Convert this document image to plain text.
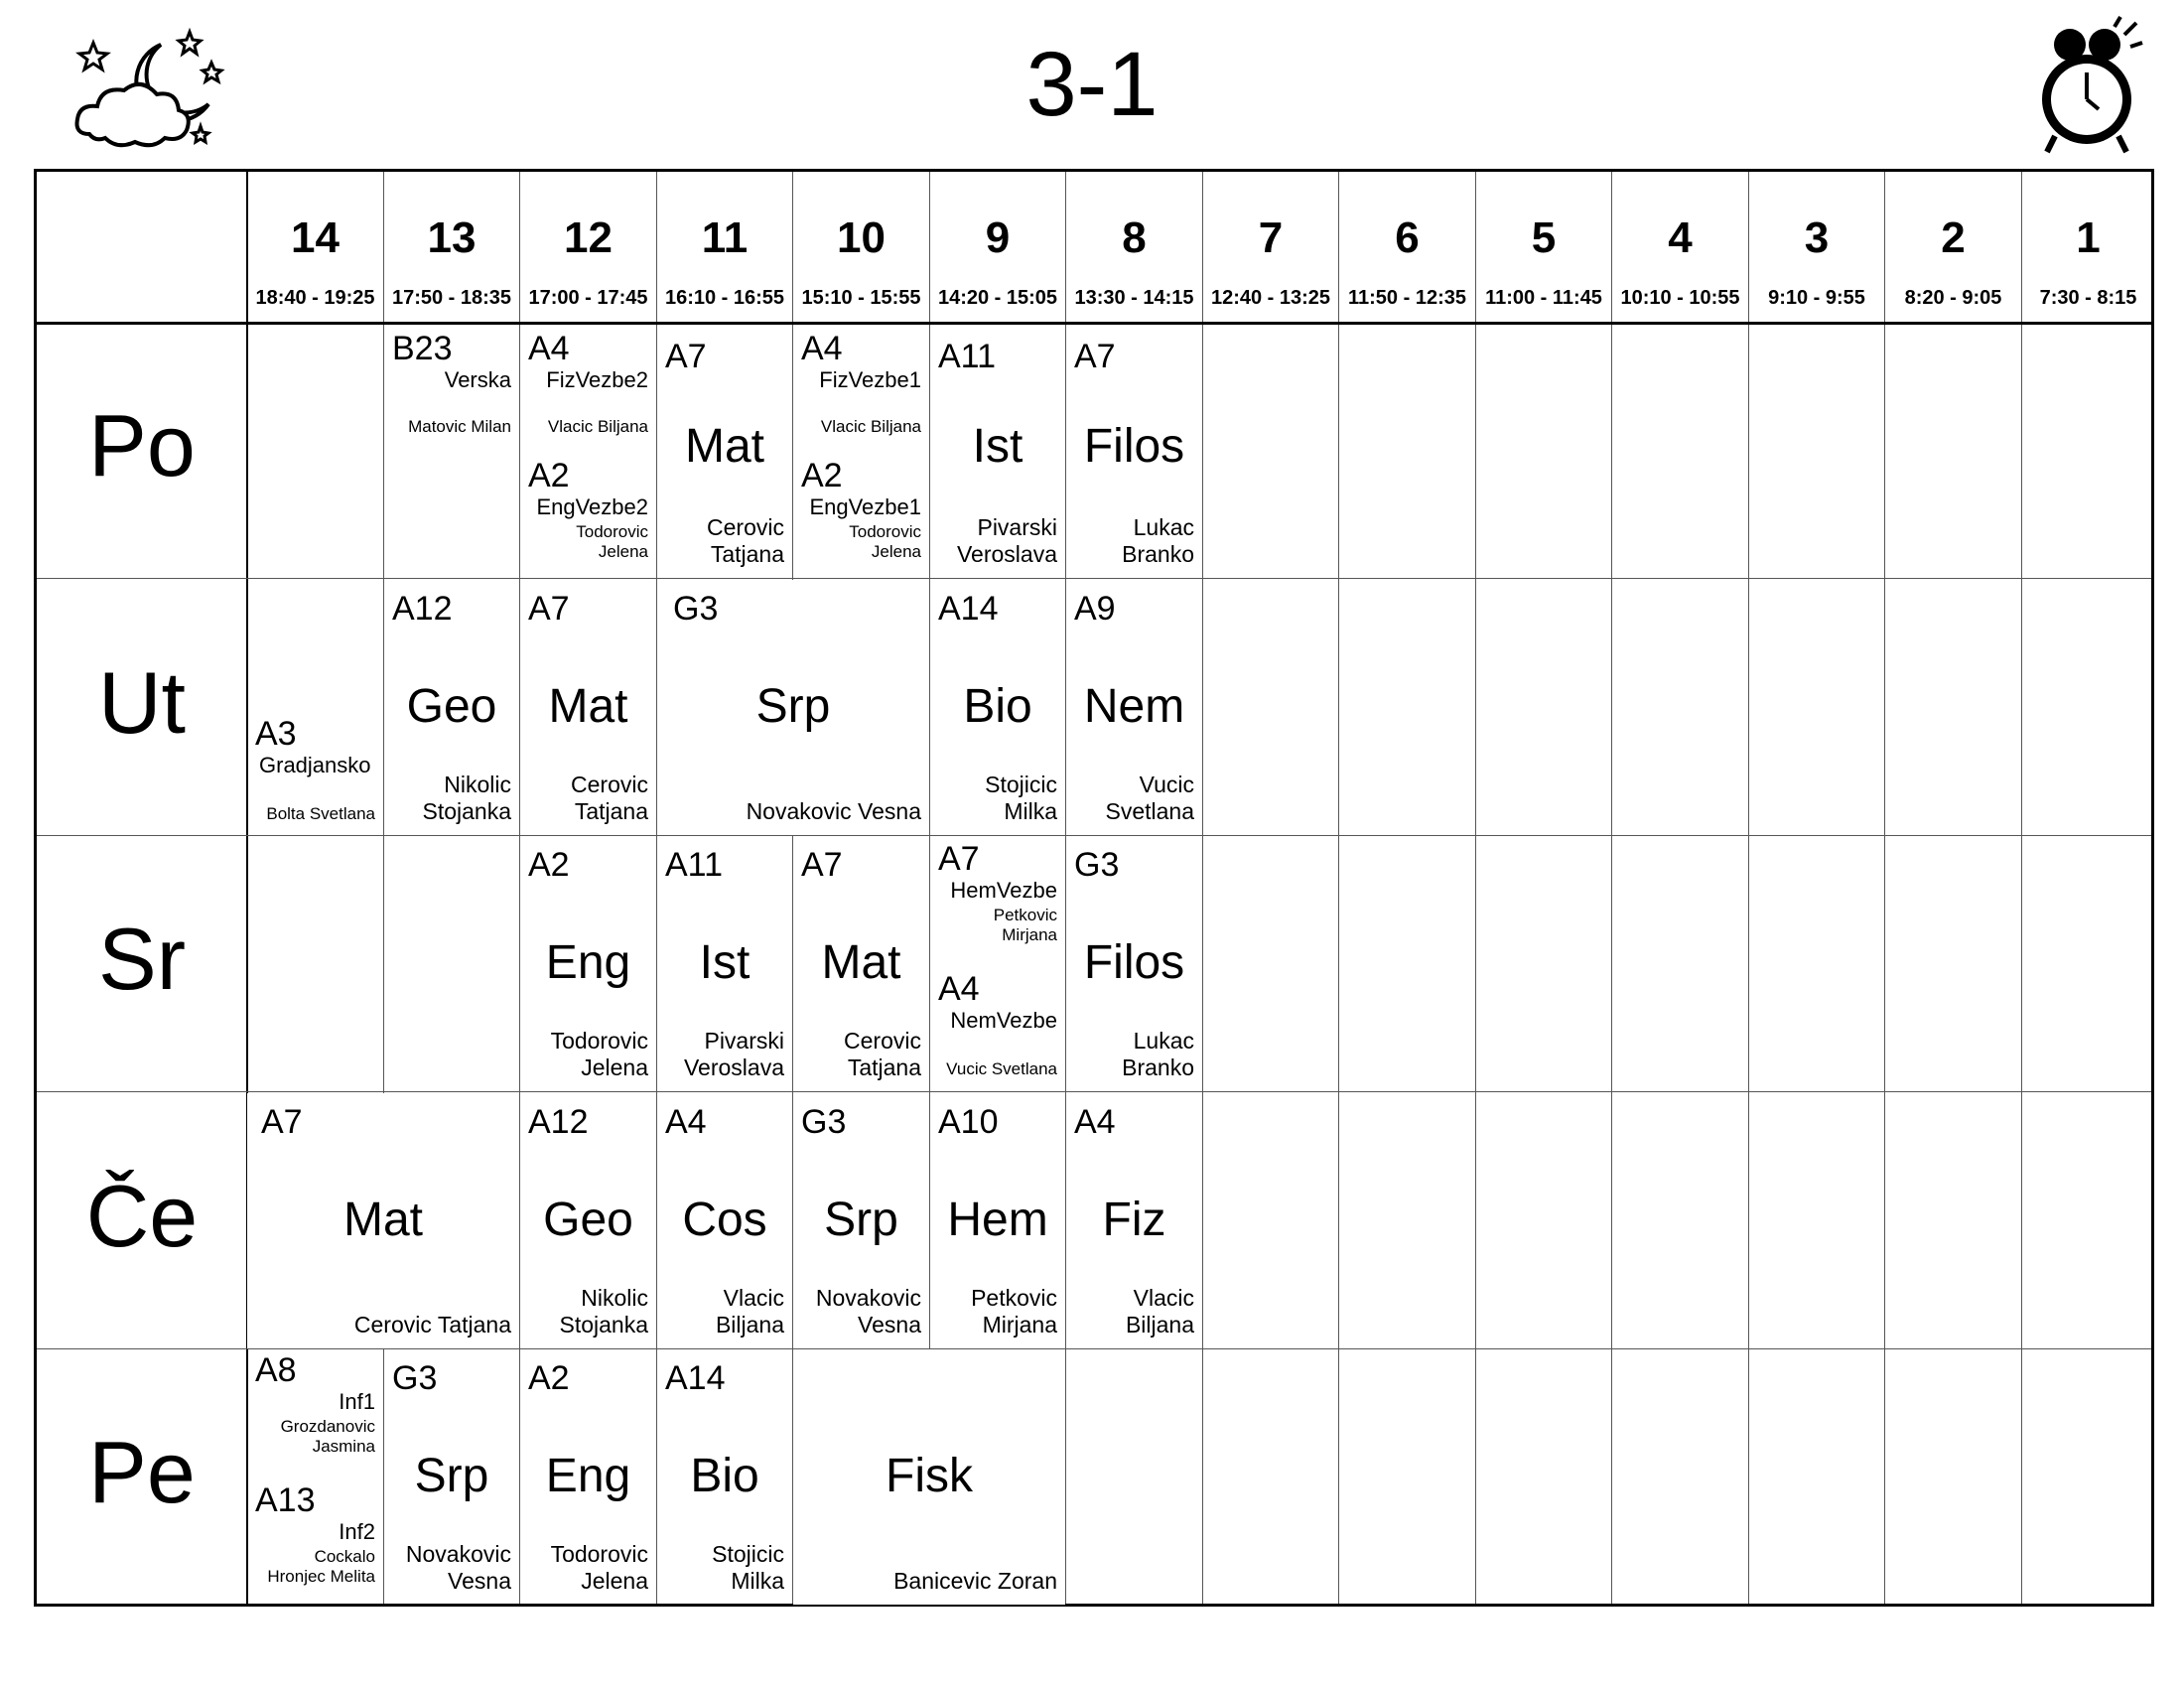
3-1
14
18:40 - 19:25
13
17:50 - 18:35
12
17:00 - 17:45
11
16:10 - 16:55
10
15:10 - 15:55
9
14:20 - 15:05
8
13:30 - 14:15
7
12:40 - 13:25
6
11:50 - 12:35
5
11:00 - 11:45
4
10:10 - 10:55
3
9:10 - 9:55
2
8:20 - 9:05
1
7:30 - 8:15
Po
Ut
Sr
Če
Pe
B23
Verska
Matovic Milan
A4
FizVezbe2
Vlacic Biljana
A2
EngVezbe2
Todorovic
Jelena
A7
Mat
Cerovic
Tatjana
A4
FizVezbe1
Vlacic Biljana
A2
EngVezbe1
Todorovic
Jelena
A11
Ist
Pivarski
Veroslava
A7
Filos
Lukac
Branko
A3
Gradjansko
Bolta Svetlana
A12
Geo
Nikolic
Stojanka
A7
Mat
Cerovic
Tatjana
G3
Srp
Novakovic Vesna
A14
Bio
Stojicic
Milka
A9
Nem
Vucic
Svetlana
A2
Eng
Todorovic
Jelena
A11
Ist
Pivarski
Veroslava
A7
Mat
Cerovic
Tatjana
A7
HemVezbe
Petkovic
Mirjana
A4
NemVezbe
Vucic Svetlana
G3
Filos
Lukac
Branko
A7
Mat
Cerovic Tatjana
A12
Geo
Nikolic
Stojanka
A4
Cos
Vlacic
Biljana
G3
Srp
Novakovic
Vesna
A10
Hem
Petkovic
Mirjana
A4
Fiz
Vlacic
Biljana
A8
Inf1
Grozdanovic
Jasmina
A13
Inf2
Cockalo
Hronjec Melita
G3
Srp
Novakovic
Vesna
A2
Eng
Todorovic
Jelena
A14
Bio
Stojicic
Milka
Fisk
Banicevic Zoran
